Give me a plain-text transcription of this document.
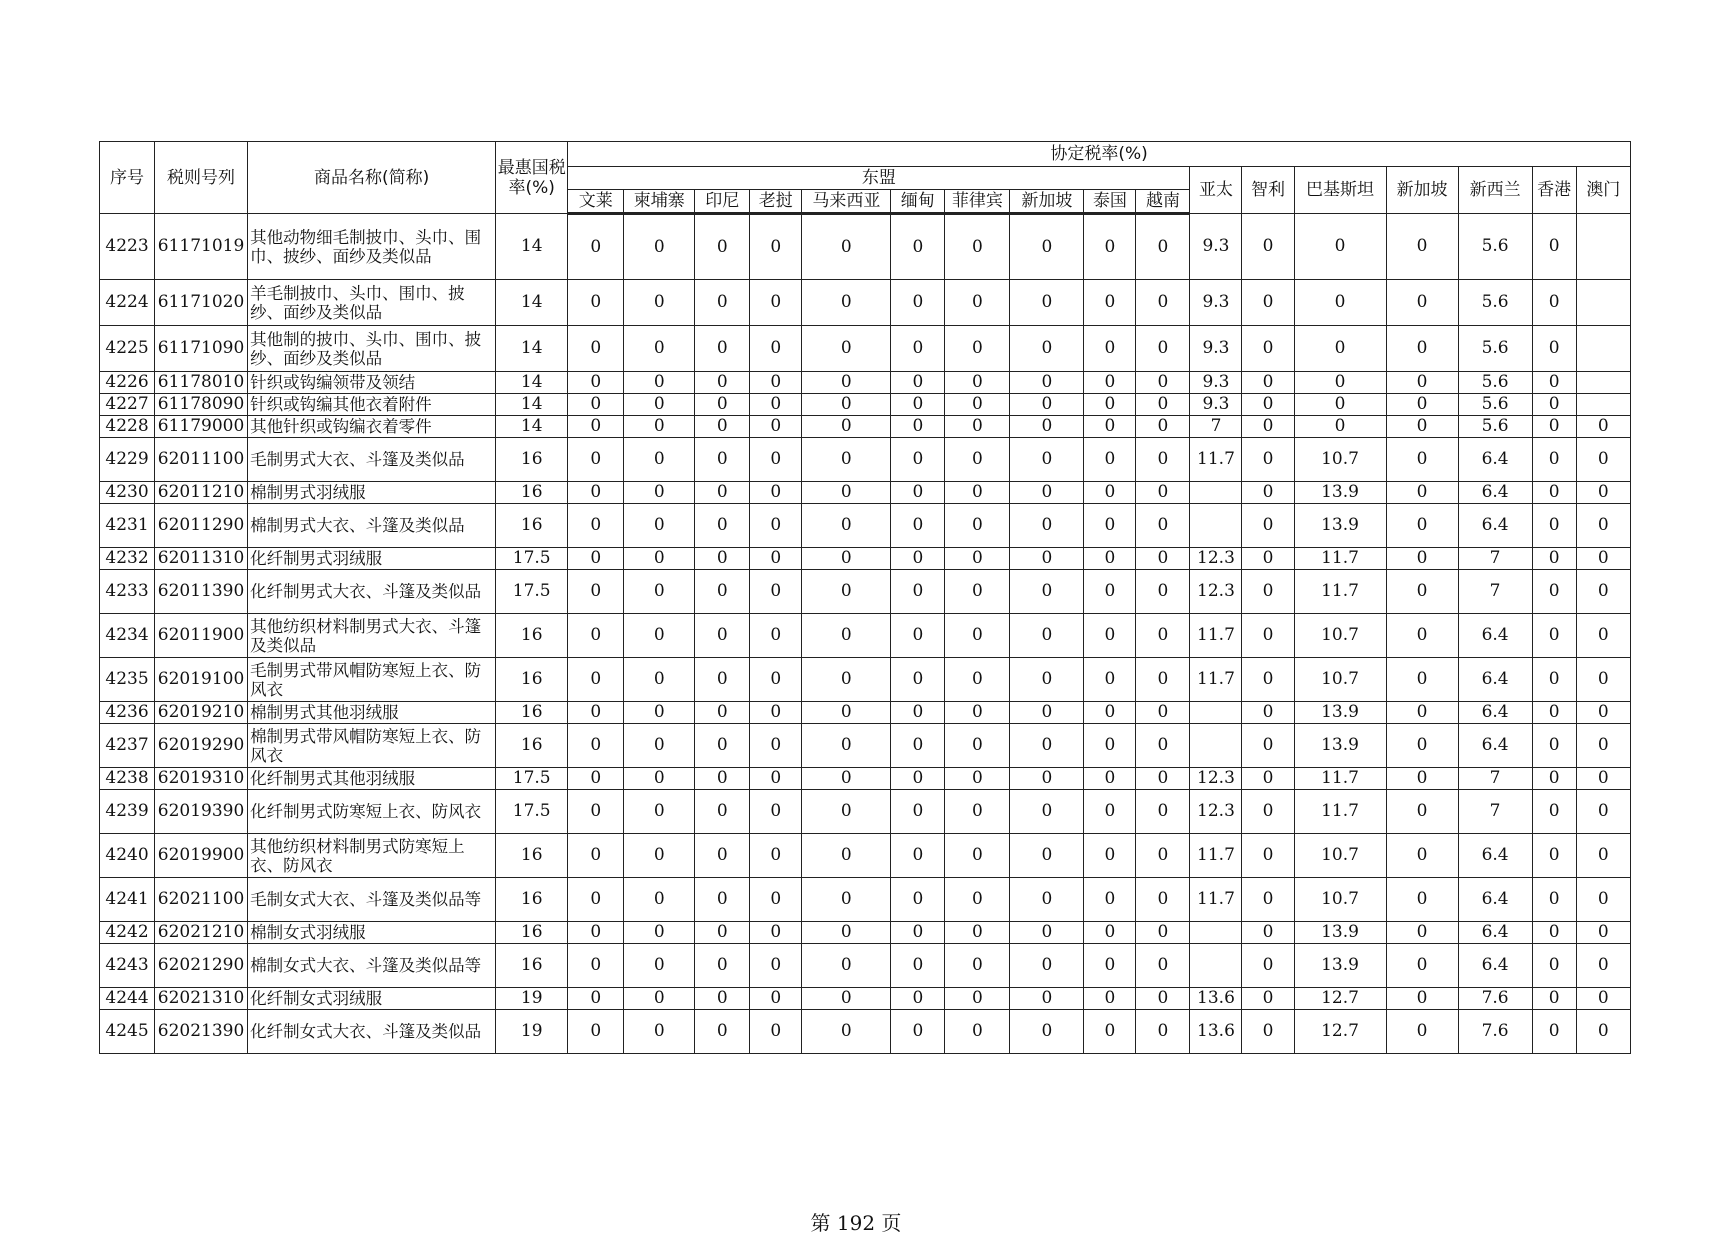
序号	税则号列	商品名称(简称)	最惠国税率(%)	协定税率(%)																
				东盟										亚太	智利	巴基斯坦	新加坡	新西兰	香港	澳门
				文莱	柬埔寨	印尼	老挝	马来西亚	缅甸	菲律宾	新加坡	泰国	越南							
4223	61171019	其他动物细毛制披巾、头巾、围巾、披纱、面纱及类似品	14	0	0	0	0	0	0	0	0	0	0	9.3	0	0	0	5.6	0	
4224	61171020	羊毛制披巾、头巾、围巾、披纱、面纱及类似品	14	0	0	0	0	0	0	0	0	0	0	9.3	0	0	0	5.6	0	
4225	61171090	其他制的披巾、头巾、围巾、披纱、面纱及类似品	14	0	0	0	0	0	0	0	0	0	0	9.3	0	0	0	5.6	0	
4226	61178010	针织或钩编领带及领结	14	0	0	0	0	0	0	0	0	0	0	9.3	0	0	0	5.6	0	
4227	61178090	针织或钩编其他衣着附件	14	0	0	0	0	0	0	0	0	0	0	9.3	0	0	0	5.6	0	
4228	61179000	其他针织或钩编衣着零件	14	0	0	0	0	0	0	0	0	0	0	7	0	0	0	5.6	0	0
4229	62011100	毛制男式大衣、斗篷及类似品	16	0	0	0	0	0	0	0	0	0	0	11.7	0	10.7	0	6.4	0	0
4230	62011210	棉制男式羽绒服	16	0	0	0	0	0	0	0	0	0	0		0	13.9	0	6.4	0	0
4231	62011290	棉制男式大衣、斗篷及类似品	16	0	0	0	0	0	0	0	0	0	0		0	13.9	0	6.4	0	0
4232	62011310	化纤制男式羽绒服	17.5	0	0	0	0	0	0	0	0	0	0	12.3	0	11.7	0	7	0	0
4233	62011390	化纤制男式大衣、斗篷及类似品	17.5	0	0	0	0	0	0	0	0	0	0	12.3	0	11.7	0	7	0	0
4234	62011900	其他纺织材料制男式大衣、斗篷及类似品	16	0	0	0	0	0	0	0	0	0	0	11.7	0	10.7	0	6.4	0	0
4235	62019100	毛制男式带风帽防寒短上衣、防风衣	16	0	0	0	0	0	0	0	0	0	0	11.7	0	10.7	0	6.4	0	0
4236	62019210	棉制男式其他羽绒服	16	0	0	0	0	0	0	0	0	0	0		0	13.9	0	6.4	0	0
4237	62019290	棉制男式带风帽防寒短上衣、防风衣	16	0	0	0	0	0	0	0	0	0	0		0	13.9	0	6.4	0	0
4238	62019310	化纤制男式其他羽绒服	17.5	0	0	0	0	0	0	0	0	0	0	12.3	0	11.7	0	7	0	0
4239	62019390	化纤制男式防寒短上衣、防风衣	17.5	0	0	0	0	0	0	0	0	0	0	12.3	0	11.7	0	7	0	0
4240	62019900	其他纺织材料制男式防寒短上衣、防风衣	16	0	0	0	0	0	0	0	0	0	0	11.7	0	10.7	0	6.4	0	0
4241	62021100	毛制女式大衣、斗篷及类似品等	16	0	0	0	0	0	0	0	0	0	0	11.7	0	10.7	0	6.4	0	0
4242	62021210	棉制女式羽绒服	16	0	0	0	0	0	0	0	0	0	0		0	13.9	0	6.4	0	0
4243	62021290	棉制女式大衣、斗篷及类似品等	16	0	0	0	0	0	0	0	0	0	0		0	13.9	0	6.4	0	0
4244	62021310	化纤制女式羽绒服	19	0	0	0	0	0	0	0	0	0	0	13.6	0	12.7	0	7.6	0	0
4245	62021390	化纤制女式大衣、斗篷及类似品	19	0	0	0	0	0	0	0	0	0	0	13.6	0	12.7	0	7.6	0	0
第 192 页
